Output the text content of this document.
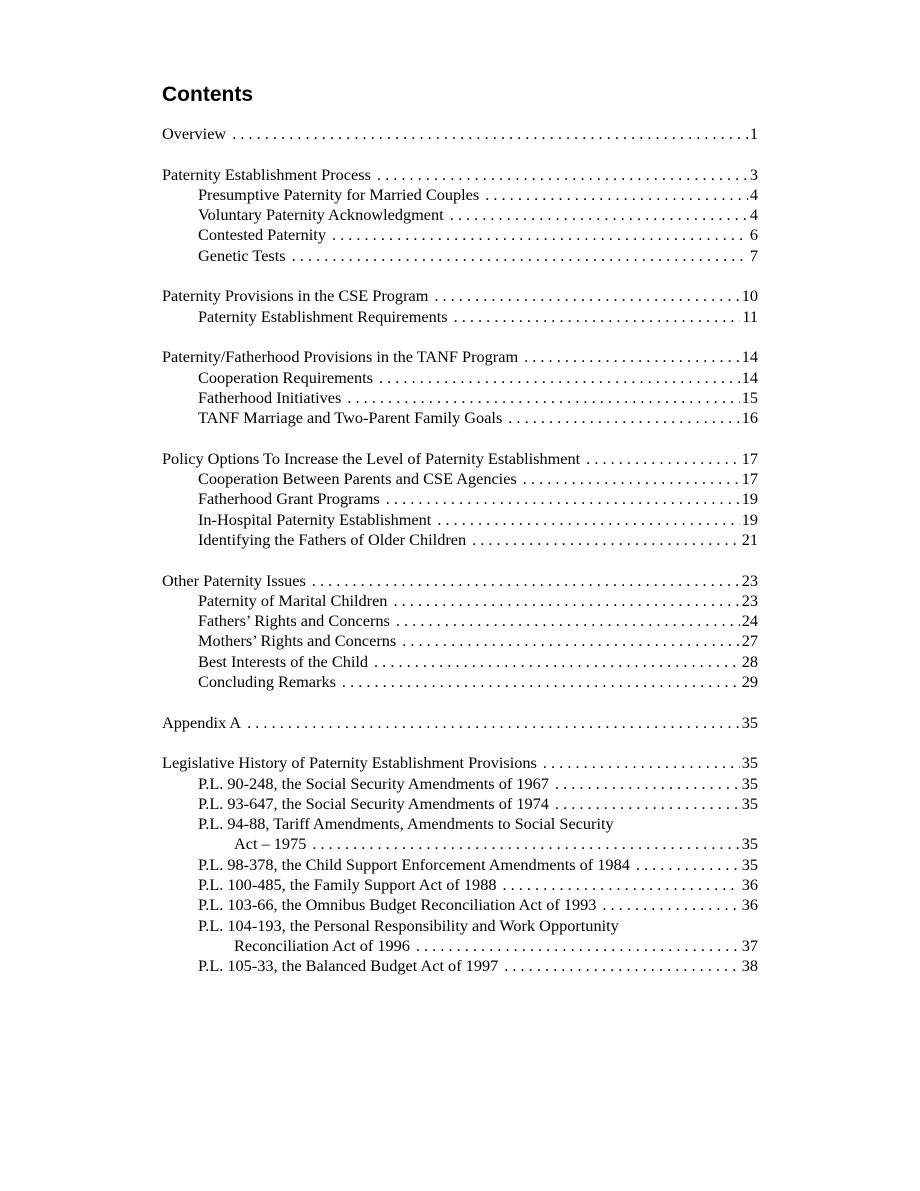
Contents
Overview . . .	1
Paternity Establishment Process . . .	3
Presumptive Paternity for Married Couples . . .	4
Voluntary Paternity Acknowledgment . . .	4
Contested Paternity . . .	6
Genetic Tests . . .	7
Paternity Provisions in the CSE Program . . .	10
Paternity Establishment Requirements . . .	11
Paternity/Fatherhood Provisions in the TANF Program . . .	14
Cooperation Requirements . . .	14
Fatherhood Initiatives . . .	15
TANF Marriage and Two-Parent Family Goals . . .	16
Policy Options To Increase the Level of Paternity Establishment . . .	17
Cooperation Between Parents and CSE Agencies . . .	17
Fatherhood Grant Programs . . .	19
In-Hospital Paternity Establishment . . .	19
Identifying the Fathers of Older Children . . .	21
Other Paternity Issues . . .	23
Paternity of Marital Children . . .	23
Fathers’ Rights and Concerns . . .	24
Mothers’ Rights and Concerns . . .	27
Best Interests of the Child . . .	28
Concluding Remarks . . .	29
Appendix A . . .	35
Legislative History of Paternity Establishment Provisions . . .	35
P.L. 90-248, the Social Security Amendments of 1967 . . .	35
P.L. 93-647, the Social Security Amendments of 1974 . . .	35
P.L. 94-88, Tariff Amendments, Amendments to Social Security
Act – 1975 . . .	35
P.L. 98-378, the Child Support Enforcement Amendments of 1984 . . .	35
P.L. 100-485, the Family Support Act of 1988 . . .	36
P.L. 103-66, the Omnibus Budget Reconciliation Act of 1993 . . .	36
P.L. 104-193, the Personal Responsibility and Work Opportunity
Reconciliation Act of 1996 . . .	37
P.L. 105-33, the Balanced Budget Act of 1997 . . .	38
